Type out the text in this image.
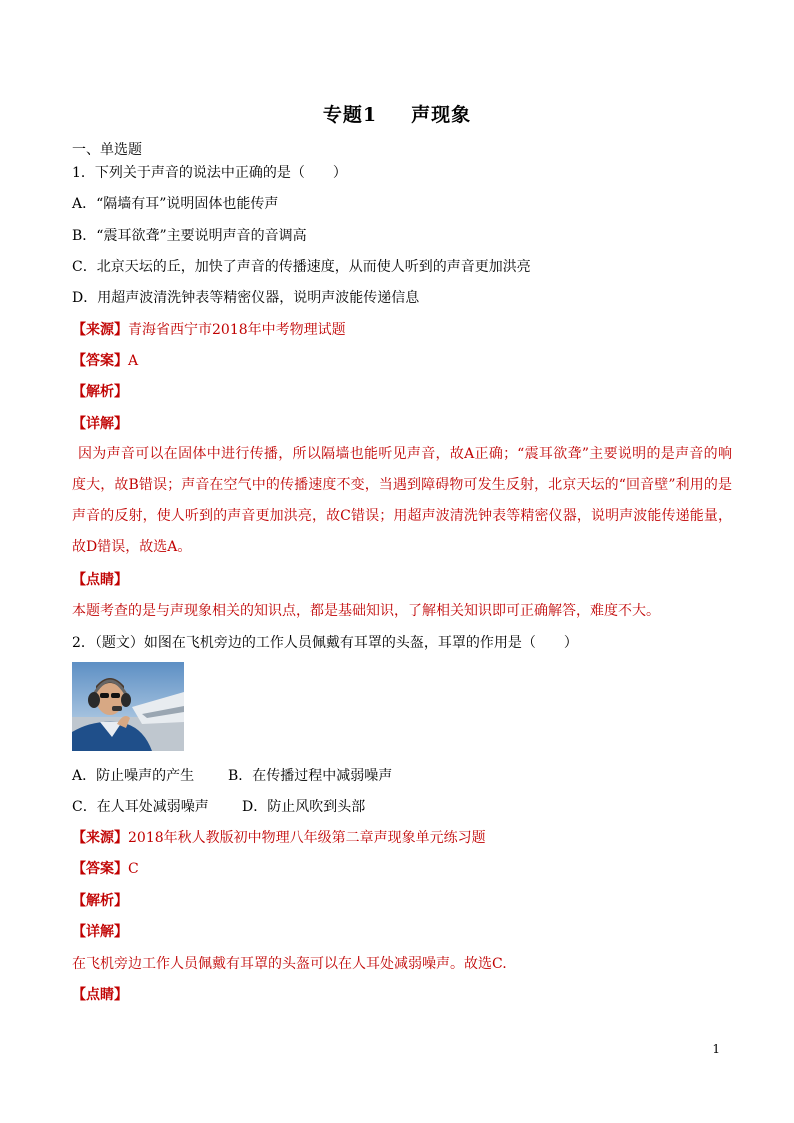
专题1 声现象
一、单选题
1．下列关于声音的说法中正确的是（　　）
A．“隔墙有耳”说明固体也能传声
B．“震耳欲聋”主要说明声音的音调高
C．北京天坛的丘，加快了声音的传播速度，从而使人听到的声音更加洪亮
D．用超声波清洗钟表等精密仪器，说明声波能传递信息
【来源】青海省西宁市2018年中考物理试题
【答案】A
【解析】
【详解】
因为声音可以在固体中进行传播，所以隔墙也能听见声音，故A正确；“震耳欲聋”主要说明的是声音的响度大，故B错误；声音在空气中的传播速度不变，当遇到障碍物可发生反射，北京天坛的“回音壁”利用的是声音的反射，使人听到的声音更加洪亮，故C错误；用超声波清洗钟表等精密仪器，说明声波能传递能量，故D错误，故选A。
【点睛】
本题考查的是与声现象相关的知识点，都是基础知识，了解相关知识即可正确解答，难度不大。
2．（题文）如图在飞机旁边的工作人员佩戴有耳罩的头盔，耳罩的作用是（　　）
A．防止噪声的产生 B．在传播过程中减弱噪声
C．在人耳处减弱噪声 D．防止风吹到头部
【来源】2018年秋人教版初中物理八年级第二章声现象单元练习题
【答案】C
【解析】
【详解】
在飞机旁边工作人员佩戴有耳罩的头盔可以在人耳处减弱噪声。故选C.
【点睛】
1
